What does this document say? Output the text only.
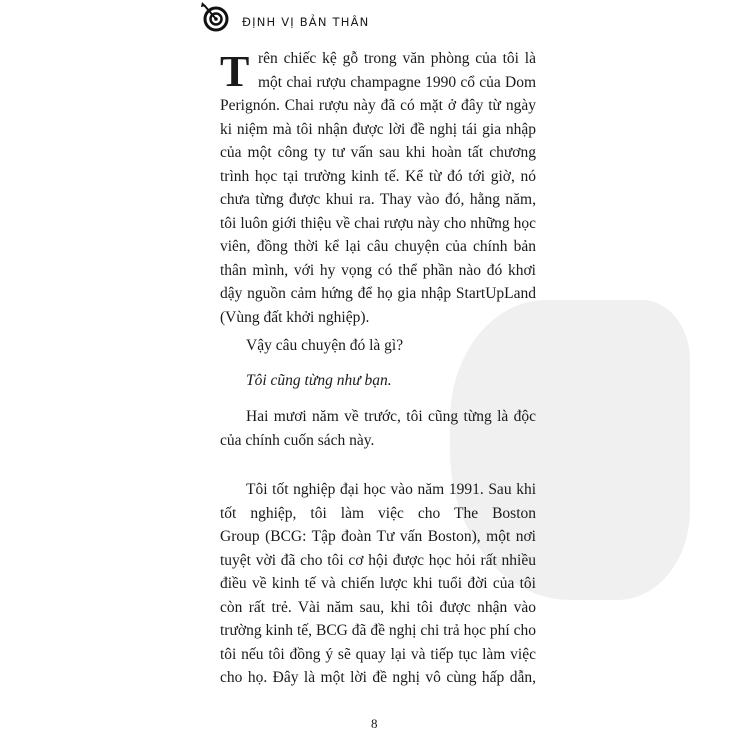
ĐỊNH VỊ BẢN THÂN
T rên chiếc kệ gỗ trong văn phòng của tôi là
một chai rượu champagne 1990 cổ của Dom
Perignón. Chai rượu này đã có mặt ở đây từ ngày
ki niệm mà tôi nhận được lời đề nghị tái gia nhập
của một công ty tư vấn sau khi hoàn tất chương
trình học tại trường kinh tế. Kể từ đó tới giờ, nó
chưa từng được khui ra. Thay vào đó, hằng năm,
tôi luôn giới thiệu về chai rượu này cho những học
viên, đồng thời kể lại câu chuyện của chính bản
thân mình, với hy vọng có thể phần nào đó khơi
dậy nguồn cảm hứng để họ gia nhập StartUpLand
(Vùng đất khởi nghiệp).
Vậy câu chuyện đó là gì?
Tôi cũng từng như bạn.
Hai mươi năm về trước, tôi cũng từng là độc
của chính cuốn sách này.
Tôi tốt nghiệp đại học vào năm 1991. Sau khi
tốt nghiệp, tôi làm việc cho The Boston
Group (BCG: Tập đoàn Tư vấn Boston), một nơi
tuyệt vời đã cho tôi cơ hội được học hỏi rất nhiều
điều về kinh tế và chiến lược khi tuổi đời của tôi
còn rất trẻ. Vài năm sau, khi tôi được nhận vào
trường kinh tế, BCG đã đề nghị chi trả học phí cho
tôi nếu tôi đồng ý sẽ quay lại và tiếp tục làm việc
cho họ. Đây là một lời đề nghị vô cùng hấp dẫn,
8
